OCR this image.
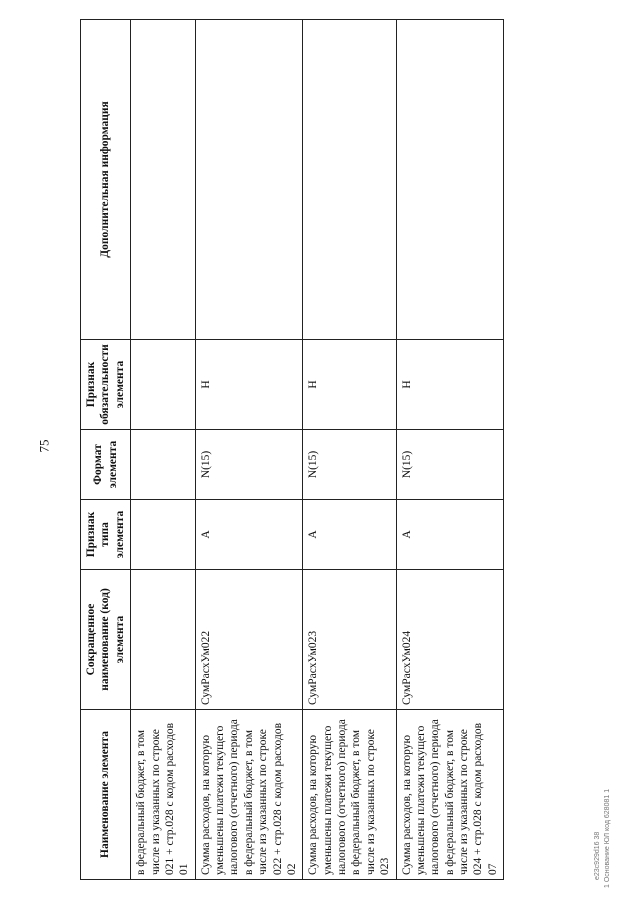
75
Наименование элемента	Сокращенное наименование (код) элемента	Признак типа элемента	Формат элемента	Признак обязательности элемента	Дополнительная информация
в федеральный бюджет, в том числе из указанных по строке 021 + стр.028 с кодом расходов 01					
Сумма расходов, на которую уменьшены платежи текущего налогового (отчетного) периода в федеральный бюджет, в том числе из указанных по строке 022 + стр.028 с кодом расходов 02	СумРасхУм022	А	N(15)	Н	
Сумма расходов, на которую уменьшены платежи текущего налогового (отчетного) периода в федеральный бюджет, в том числе из указанных по строке 023	СумРасхУм023	А	N(15)	Н	
Сумма расходов, на которую уменьшены платежи текущего налогового (отчетного) периода в федеральный бюджет, в том числе из указанных по строке 024 + стр.028 с кодом расходов 07	СумРасхУм024	А	N(15)	Н	
e23c929d16 38 1 Основание ЮЛ код 628081 1
